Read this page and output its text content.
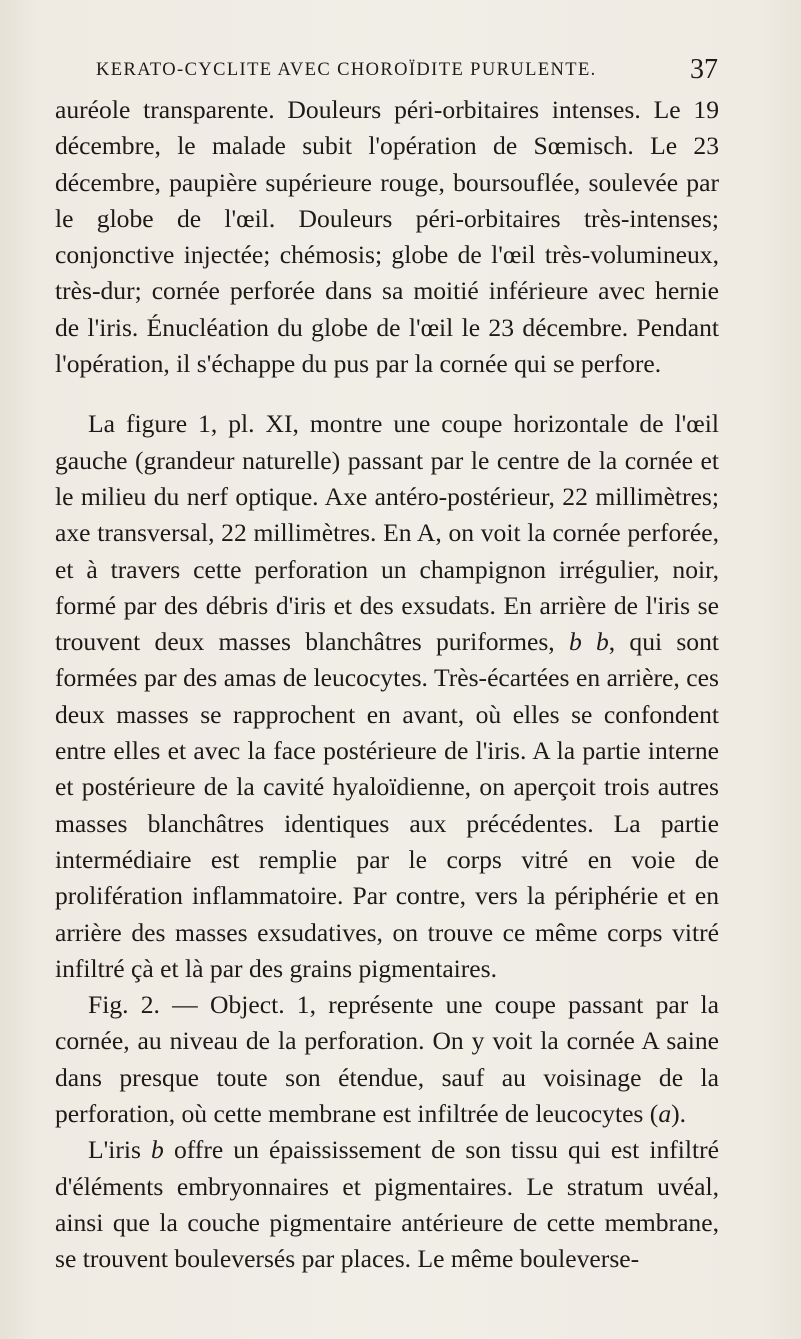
KERATO-CYCLITE AVEC CHOROÏDITE PURULENTE.	37

auréole transparente. Douleurs péri-orbitaires intenses. Le 19 décembre, le malade subit l'opération de Sœmisch. Le 23 décembre, paupière supérieure rouge, boursouflée, soulevée par le globe de l'œil. Douleurs péri-orbitaires très-intenses; conjonctive injectée; chémosis; globe de l'œil très-volumineux, très-dur; cornée perforée dans sa moitié inférieure avec hernie de l'iris. Énucléation du globe de l'œil le 23 décembre. Pendant l'opération, il s'échappe du pus par la cornée qui se perfore.

La figure 1, pl. XI, montre une coupe horizontale de l'œil gauche (grandeur naturelle) passant par le centre de la cornée et le milieu du nerf optique. Axe antéro-postérieur, 22 millimètres; axe transversal, 22 millimètres. En A, on voit la cornée perforée, et à travers cette perforation un champignon irrégulier, noir, formé par des débris d'iris et des exsudats. En arrière de l'iris se trouvent deux masses blanchâtres puriformes, b b, qui sont formées par des amas de leucocytes. Très-écartées en arrière, ces deux masses se rapprochent en avant, où elles se confondent entre elles et avec la face postérieure de l'iris. A la partie interne et postérieure de la cavité hyaloïdienne, on aperçoit trois autres masses blanchâtres identiques aux précédentes. La partie intermédiaire est remplie par le corps vitré en voie de prolifération inflammatoire. Par contre, vers la périphérie et en arrière des masses exsudatives, on trouve ce même corps vitré infiltré çà et là par des grains pigmentaires.

Fig. 2. — Object. 1, représente une coupe passant par la cornée, au niveau de la perforation. On y voit la cornée A saine dans presque toute son étendue, sauf au voisinage de la perforation, où cette membrane est infiltrée de leucocytes (a).

L'iris b offre un épaississement de son tissu qui est infiltré d'éléments embryonnaires et pigmentaires. Le stratum uvéal, ainsi que la couche pigmentaire antérieure de cette membrane, se trouvent bouleversés par places. Le même bouleverse-
